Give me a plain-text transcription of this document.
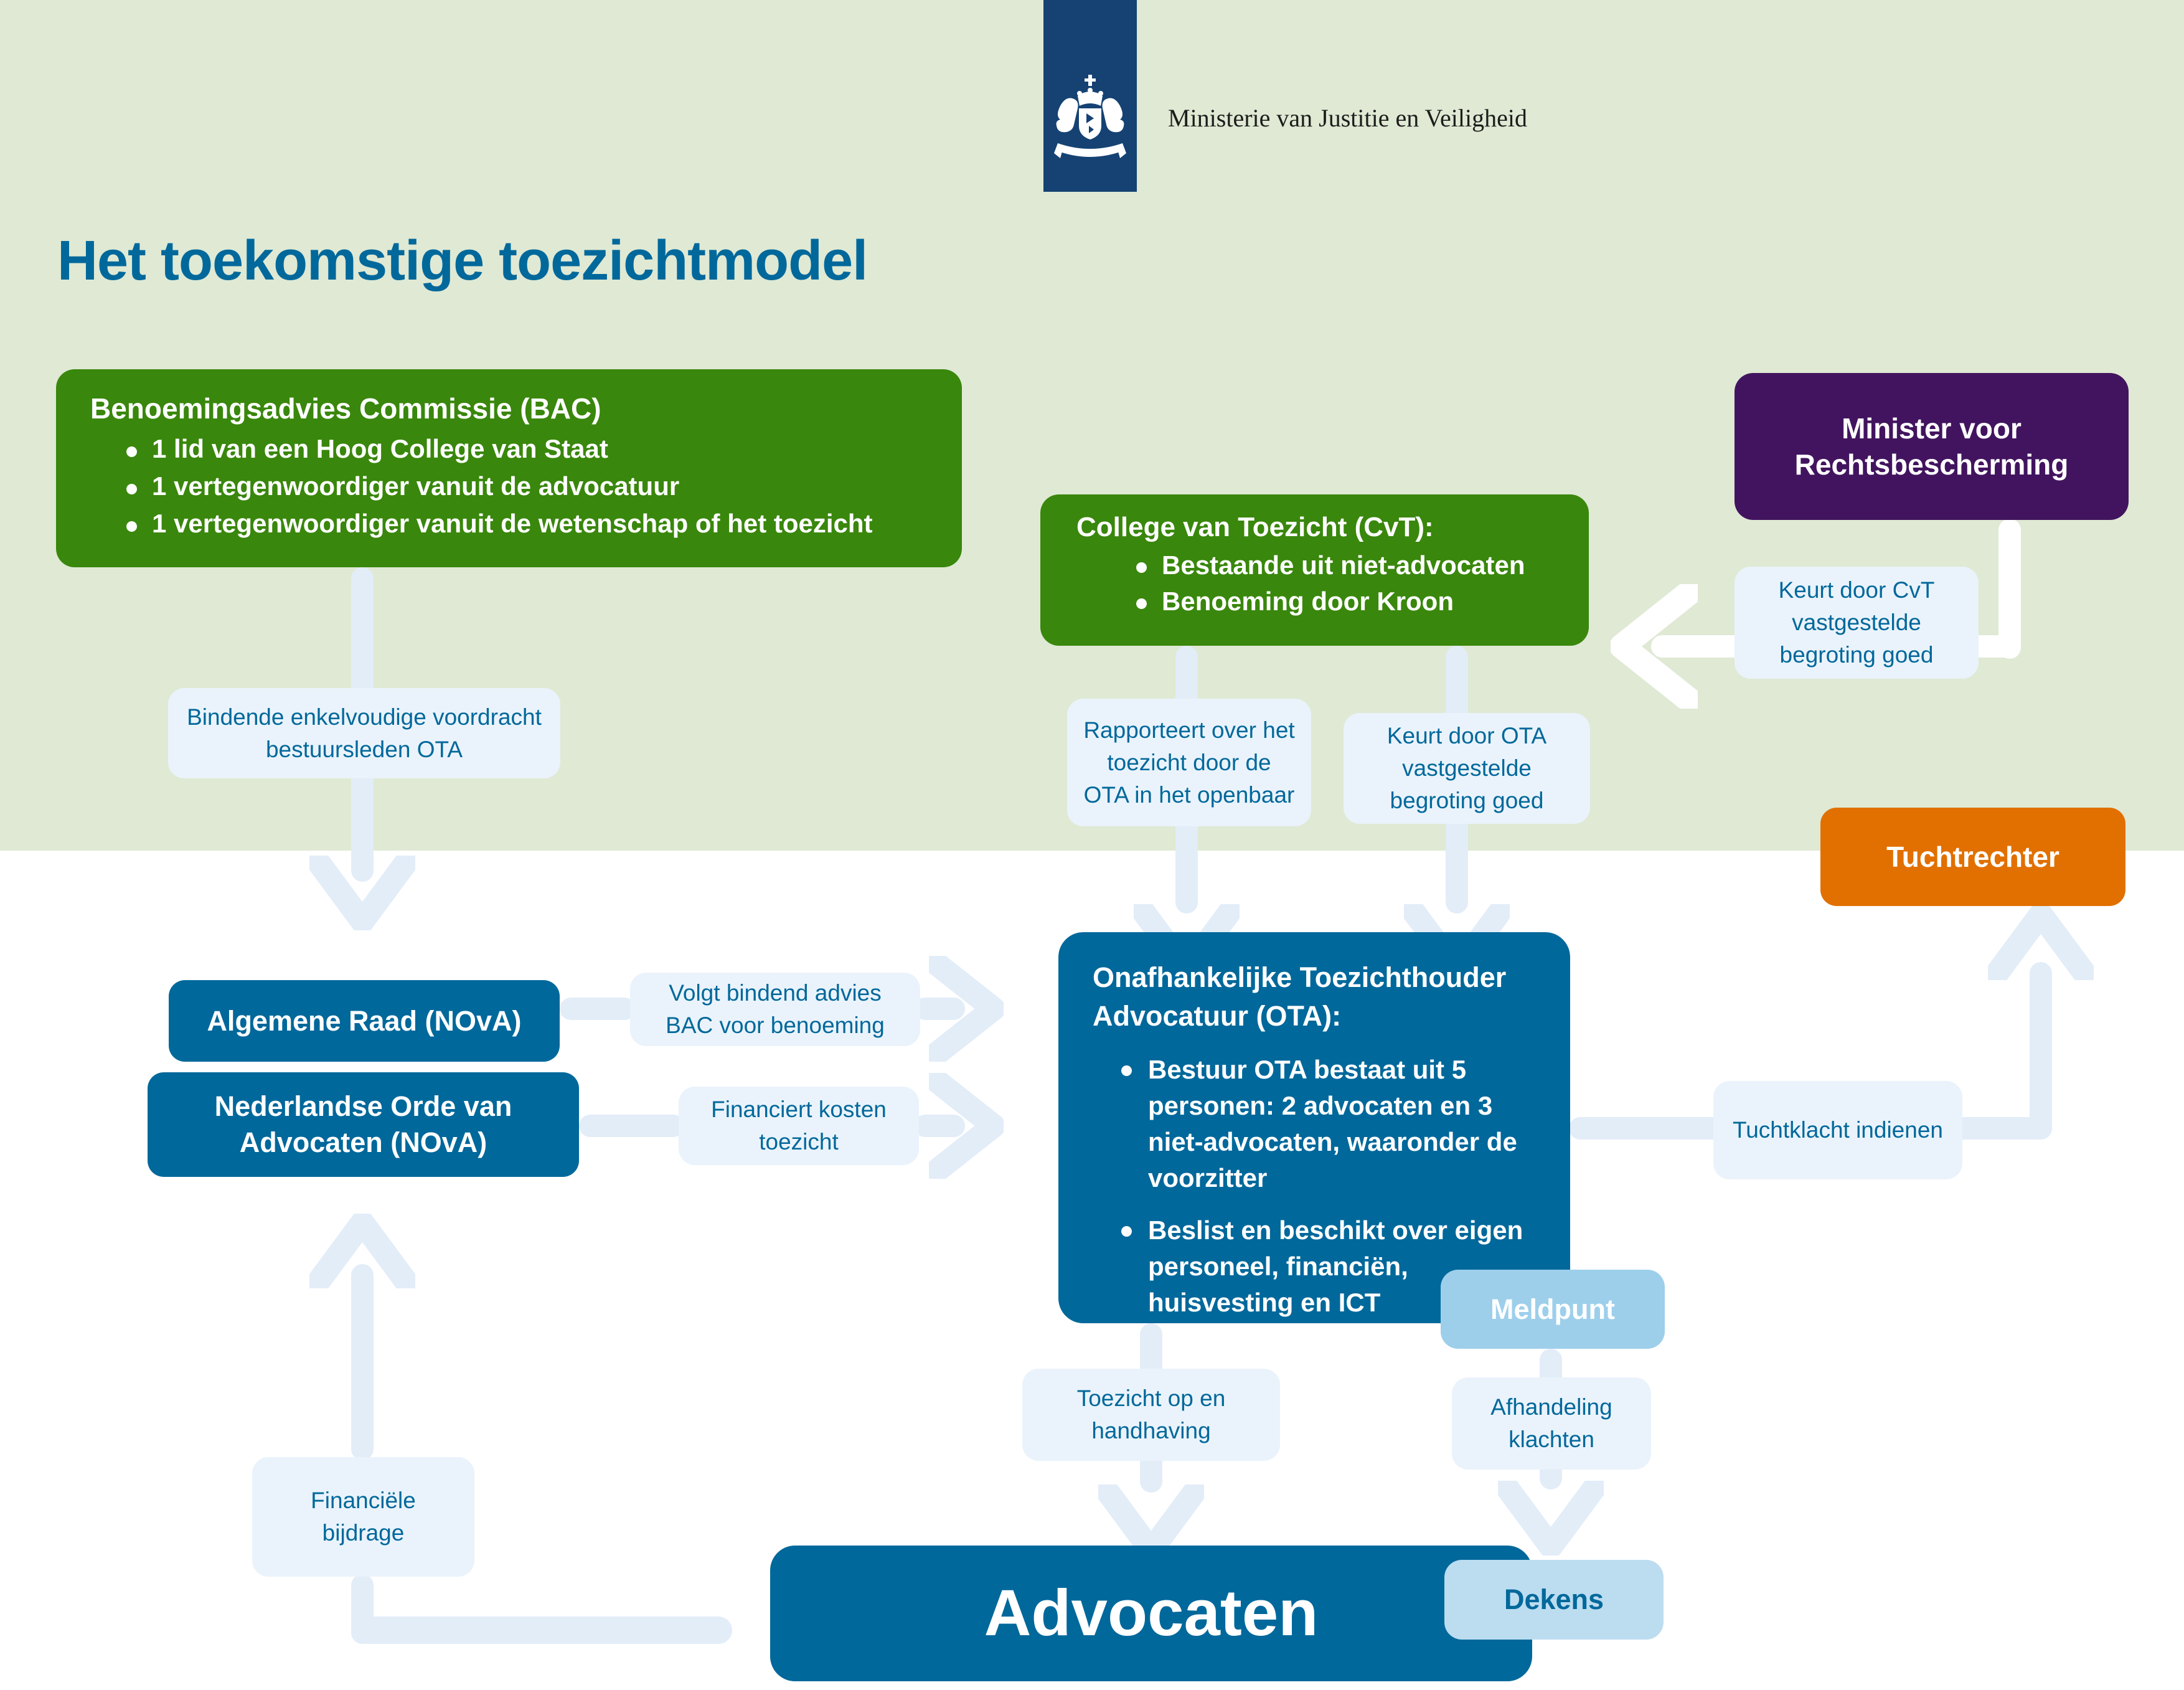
Bindende enkelvoudige voordracht bestuursleden OTA
Keurt door CvT vastgestelde begroting goed
Rapporteert over het toezicht door de OTA in het openbaar
Keurt door OTA vastgestelde begroting goed
Volgt bindend advies BAC voor benoeming
Financiert kosten toezicht	Tuchtklacht indienen
Financiële bijdrage
Toezicht op en handhaving
Afhandeling klachten
Benoemingsadvies Commissie (BAC)
1 lid van een Hoog College van Staat
1 vertegenwoordiger vanuit de advocatuur
1 vertegenwoordiger vanuit de wetenschap of het toezicht
Minister voor Rechtsbescherming
College van Toezicht (CvT):
Bestaande uit niet-advocaten
Benoeming door Kroon
Tuchtrechter
Onafhankelijke Toezichthouder Advocatuur (OTA):
Bestuur OTA bestaat uit 5 personen: 2 advocaten en 3 niet-advocaten, waaronder de voorzitter
Beslist en beschikt over eigen personeel, financiën, huisvesting en ICT
Algemene Raad (NOvA)
Nederlandse Orde van Advocaten (NOvA)
Advocaten
Meldpunt
Dekens
Ministerie van Justitie en Veiligheid
Het toekomstige toezichtmodel
